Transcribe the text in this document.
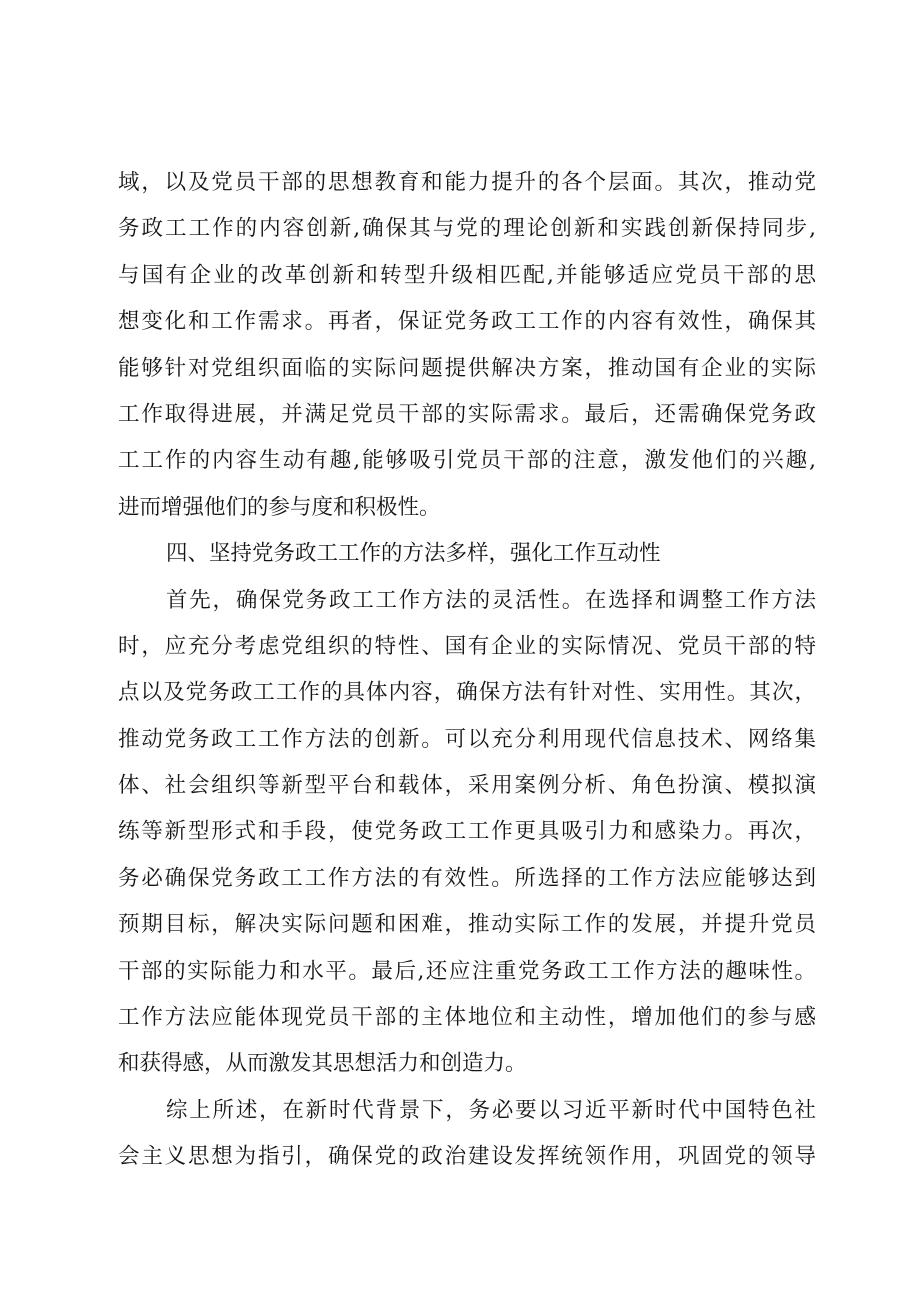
域，以及党员干部的思想教育和能力提升的各个层面。其次，推动党
务政工工作的内容创新,确保其与党的理论创新和实践创新保持同步,
与国有企业的改革创新和转型升级相匹配,并能够适应党员干部的思
想变化和工作需求。再者，保证党务政工工作的内容有效性，确保其
能够针对党组织面临的实际问题提供解决方案，推动国有企业的实际
工作取得进展，并满足党员干部的实际需求。最后，还需确保党务政
工工作的内容生动有趣,能够吸引党员干部的注意，激发他们的兴趣,
进而增强他们的参与度和积极性。
四、坚持党务政工工作的方法多样，强化工作互动性
首先，确保党务政工工作方法的灵活性。在选择和调整工作方法
时，应充分考虑党组织的特性、国有企业的实际情况、党员干部的特
点以及党务政工工作的具体内容，确保方法有针对性、实用性。其次，
推动党务政工工作方法的创新。可以充分利用现代信息技术、网络集
体、社会组织等新型平台和载体，采用案例分析、角色扮演、模拟演
练等新型形式和手段，使党务政工工作更具吸引力和感染力。再次，
务必确保党务政工工作方法的有效性。所选择的工作方法应能够达到
预期目标，解决实际问题和困难，推动实际工作的发展，并提升党员
干部的实际能力和水平。最后,还应注重党务政工工作方法的趣味性。
工作方法应能体现党员干部的主体地位和主动性，增加他们的参与感
和获得感，从而激发其思想活力和创造力。
综上所述，在新时代背景下，务必要以习近平新时代中国特色社
会主义思想为指引，确保党的政治建设发挥统领作用，巩固党的领导
